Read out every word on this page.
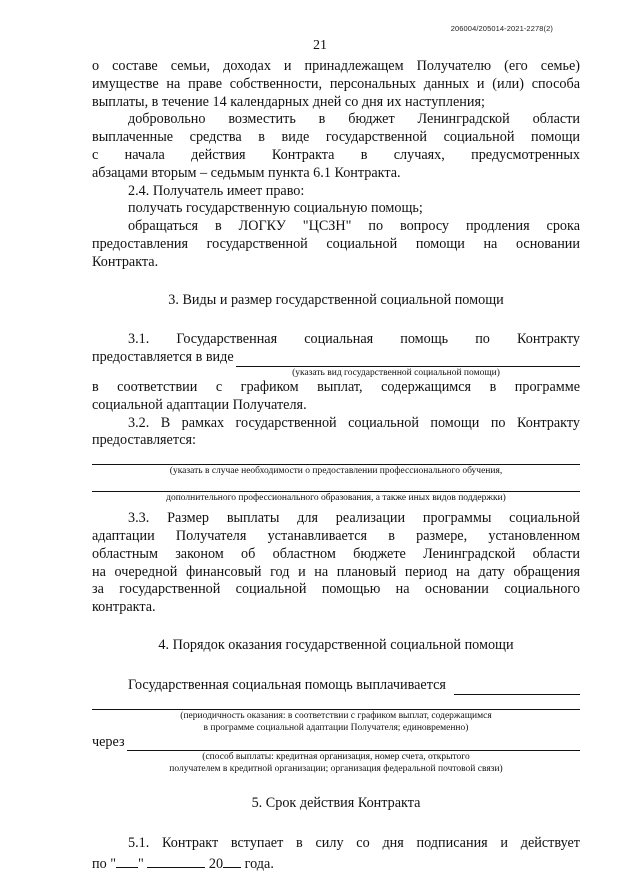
206004/205014-2021-2278(2)
21

о составе семьи, доходах и принадлежащем Получателю (его семье)

имуществе на праве собственности, персональных данных и (или) способа

выплаты, в течение 14 календарных дней со дня их наступления;

добровольно возместить в бюджет Ленинградской области

выплаченные средства в виде государственной социальной помощи

с начала действия Контракта в случаях, предусмотренных

абзацами вторым – седьмым пункта 6.1 Контракта.

2.4. Получатель имеет право:

получать государственную социальную помощь;

обращаться в ЛОГКУ "ЦСЗН" по вопросу продления срока

предоставления государственной социальной помощи на основании

Контракта.

3. Виды и размер государственной социальной помощи

3.1. Государственная социальная помощь по Контракту

предоставляется в виде
(указать вид государственной социальной помощи)

в соответствии с графиком выплат, содержащимся в программе

социальной адаптации Получателя.

3.2. В рамках государственной социальной помощи по Контракту

предоставляется:

(указать в случае необходимости о предоставлении профессионального обучения,
дополнительного профессионального образования, а также иных видов поддержки)

3.3. Размер выплаты для реализации программы социальной

адаптации Получателя устанавливается в размере, установленном

областным законом об областном бюджете Ленинградской области

на очередной финансовый год и на плановый период на дату обращения

за государственной социальной помощью на основании социального

контракта.

4. Порядок оказания государственной социальной помощи

Государственная социальная помощь выплачивается
(периодичность оказания: в соответствии с графиком выплат, содержащимся
в программе социальной адаптации Получателя; единовременно)
через
(способ выплаты: кредитная организация, номер счета, открытого
получателем в кредитной организации; организация федеральной почтовой связи)

5. Срок действия Контракта

5.1. Контракт вступает в силу со дня подписания и действует

по " "	20 года.
